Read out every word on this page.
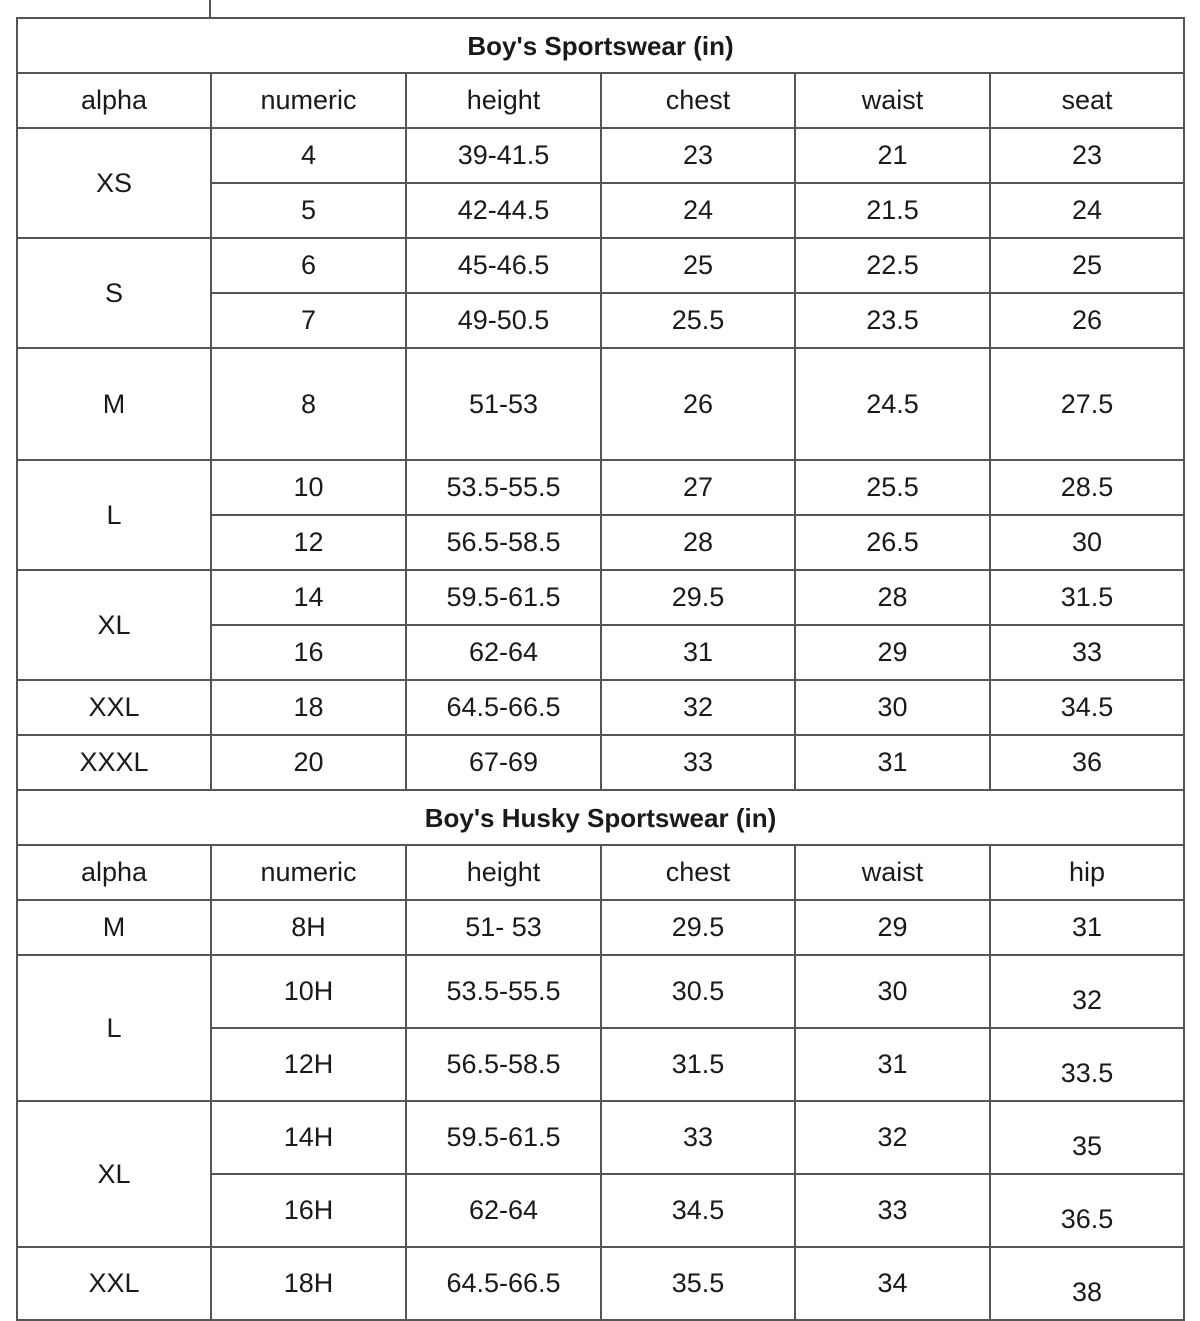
Boy's Sportswear (in)					
alpha	numeric	height	chest	waist	seat
XS	4	39-41.5	23	21	23
	5	42-44.5	24	21.5	24
S	6	45-46.5	25	22.5	25
	7	49-50.5	25.5	23.5	26
M	8	51-53	26	24.5	27.5
L	10	53.5-55.5	27	25.5	28.5
	12	56.5-58.5	28	26.5	30
XL	14	59.5-61.5	29.5	28	31.5
	16	62-64	31	29	33
XXL	18	64.5-66.5	32	30	34.5
XXXL	20	67-69	33	31	36
Boy's Husky Sportswear (in)					
alpha	numeric	height	chest	waist	hip
M	8H	51- 53	29.5	29	31
L	10H	53.5-55.5	30.5	30	32
	12H	56.5-58.5	31.5	31	33.5
XL	14H	59.5-61.5	33	32	35
	16H	62-64	34.5	33	36.5
XXL	18H	64.5-66.5	35.5	34	38
